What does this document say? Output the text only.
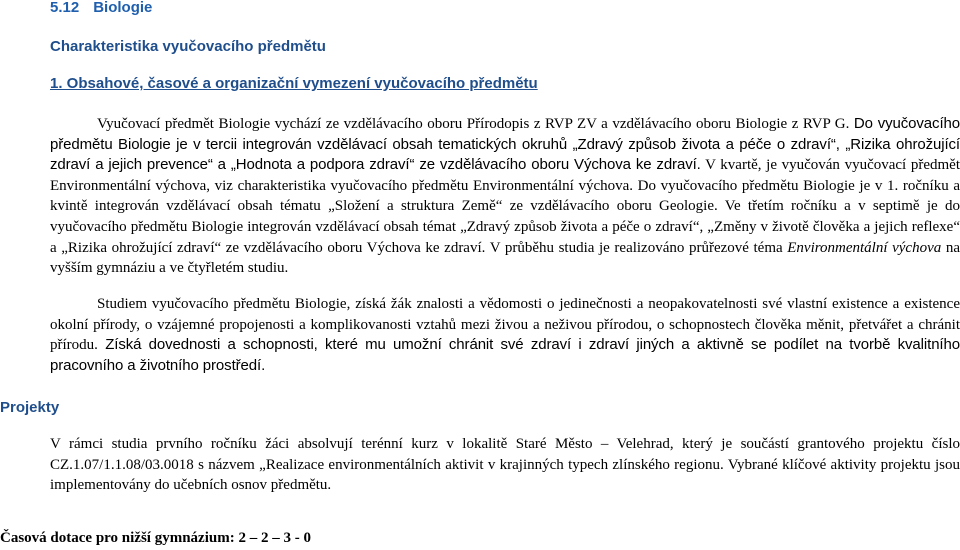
5.12 Biologie
Charakteristika vyučovacího předmětu
1. Obsahové, časové a organizační vymezení vyučovacího předmětu

Vyučovací předmět Biologie vychází ze vzdělávacího oboru Přírodopis z RVP ZV a vzdělávacího oboru Biologie z RVP G. Do vyučovacího předmětu Biologie je v tercii integrován vzdělávací obsah tematických okruhů „Zdravý způsob života a péče o zdraví“, „Rizika ohrožující zdraví a jejich prevence“ a „Hodnota a podpora zdraví“ ze vzdělávacího oboru Výchova ke zdraví. V kvartě, je vyučován vyučovací předmět Environmentální výchova, viz charakteristika vyučovacího předmětu Environmentální výchova. Do vyučovacího předmětu Biologie je v 1. ročníku a kvintě integrován vzdělávací obsah tématu „Složení a struktura Země“ ze vzdělávacího oboru Geologie. Ve třetím ročníku a v septimě je do vyučovacího předmětu Biologie integrován vzdělávací obsah témat „Zdravý způsob života a péče o zdraví“, „Změny v životě člověka a jejich reflexe“ a „Rizika ohrožující zdraví“ ze vzdělávacího oboru Výchova ke zdraví. V průběhu studia je realizováno průřezové téma Environmentální výchova na vyšším gymnáziu a ve čtyřletém studiu.

Studiem vyučovacího předmětu Biologie, získá žák znalosti a vědomosti o jedinečnosti a neopakovatelnosti své vlastní existence a existence okolní přírody, o vzájemné propojenosti a komplikovanosti vztahů mezi živou a neživou přírodou, o schopnostech člověka měnit, přetvářet a chránit přírodu. Získá dovednosti a schopnosti, které mu umožní chránit své zdraví i zdraví jiných a aktivně se podílet na tvorbě kvalitního pracovního a životního prostředí.

Projekty

V rámci studia prvního ročníku žáci absolvují terénní kurz v lokalitě Staré Město – Velehrad, který je součástí grantového projektu číslo CZ.1.07/1.1.08/03.0018 s názvem „Realizace environmentálních aktivit v krajinných typech zlínského regionu. Vybrané klíčové aktivity projektu jsou implementovány do učebních osnov předmětu.

Časová dotace pro nižší gymnázium: 2 – 2 – 3 - 0
